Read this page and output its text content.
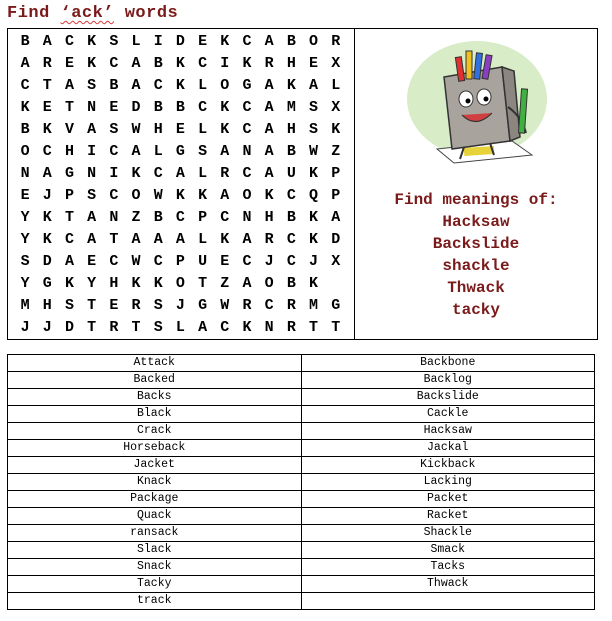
Find ‘ack’ words
B A C K S L I D E K C A B O R
A R E K C A B K C I K R H E X
C T A S B A C K L O G A K A L
K E T N E D B B C K C A M S X
B K V A S W H E L K C A H S K
O C H I C A L G S A N A B W Z
N A G N I K C A L R C A U K P
E J P S C O W K K A O K C Q P
Y K T A N Z B C P C N H B K A
Y K C A T A A A L K A R C K D
S D A E C W C P U E C J C J X
Y G K Y H K K O T Z A O B K
M H S T E R S J G W R C R M G
J J D T R T S L A C K N R T T

Find meanings of:
Hacksaw
Backslide
shackle
Thwack
tacky
Attack	Backbone
Backed	Backlog
Backs	Backslide
Black	Cackle
Crack	Hacksaw
Horseback	Jackal
Jacket	Kickback
Knack	Lacking
Package	Packet
Quack	Racket
ransack	Shackle
Slack	Smack
Snack	Tacks
Tacky	Thwack
track	
